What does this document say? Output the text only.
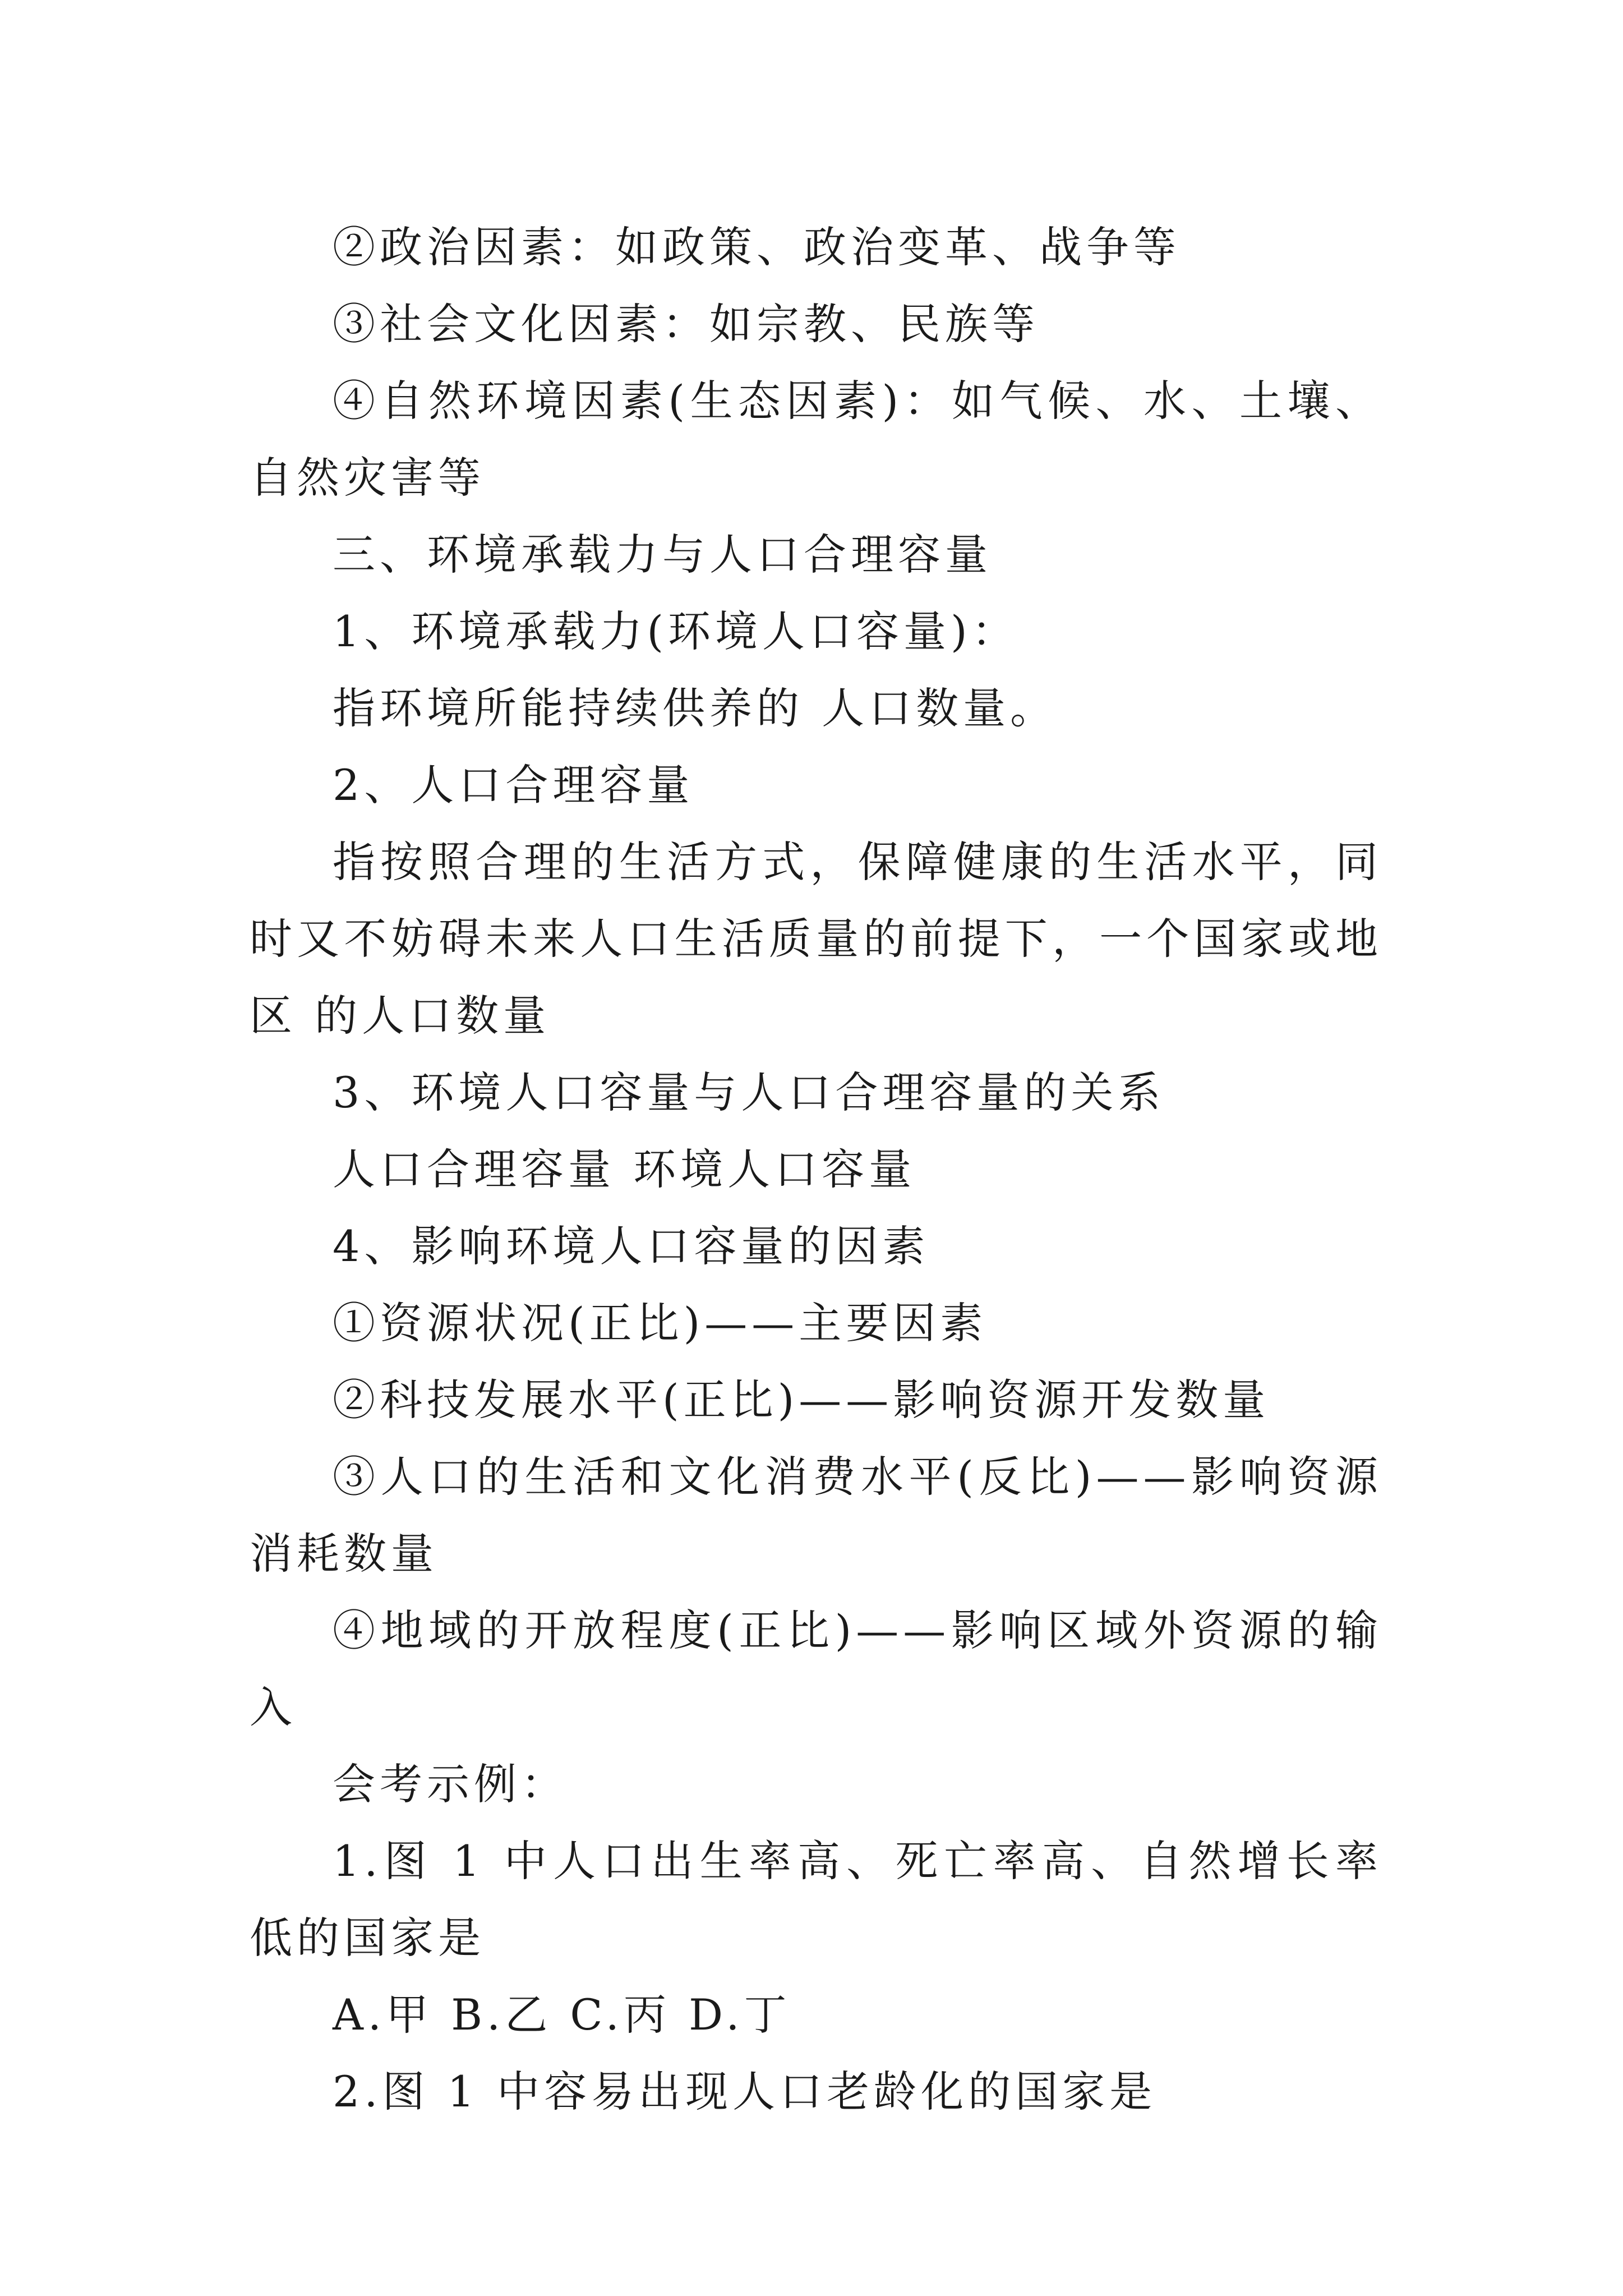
②政治因素：如政策、政治变革、战争等

③社会文化因素：如宗教、民族等

④自然环境因素(生态因素)：如气候、水、土壤、自然灾害等

三、环境承载力与人口合理容量

1、环境承载力(环境人口容量)：

指环境所能持续供养的 人口数量。

2、人口合理容量

指按照合理的生活方式，保障健康的生活水平，同时又不妨碍未来人口生活质量的前提下，一个国家或地区 的人口数量

3、环境人口容量与人口合理容量的关系

人口合理容量 环境人口容量

4、影响环境人口容量的因素

①资源状况(正比)——主要因素

②科技发展水平(正比)——影响资源开发数量

③人口的生活和文化消费水平(反比)——影响资源消耗数量

④地域的开放程度(正比)——影响区域外资源的输入

会考示例：

1.图 1 中人口出生率高、死亡率高、自然增长率低的国家是

A.甲 B.乙 C.丙 D.丁

2.图 1 中容易出现人口老龄化的国家是
